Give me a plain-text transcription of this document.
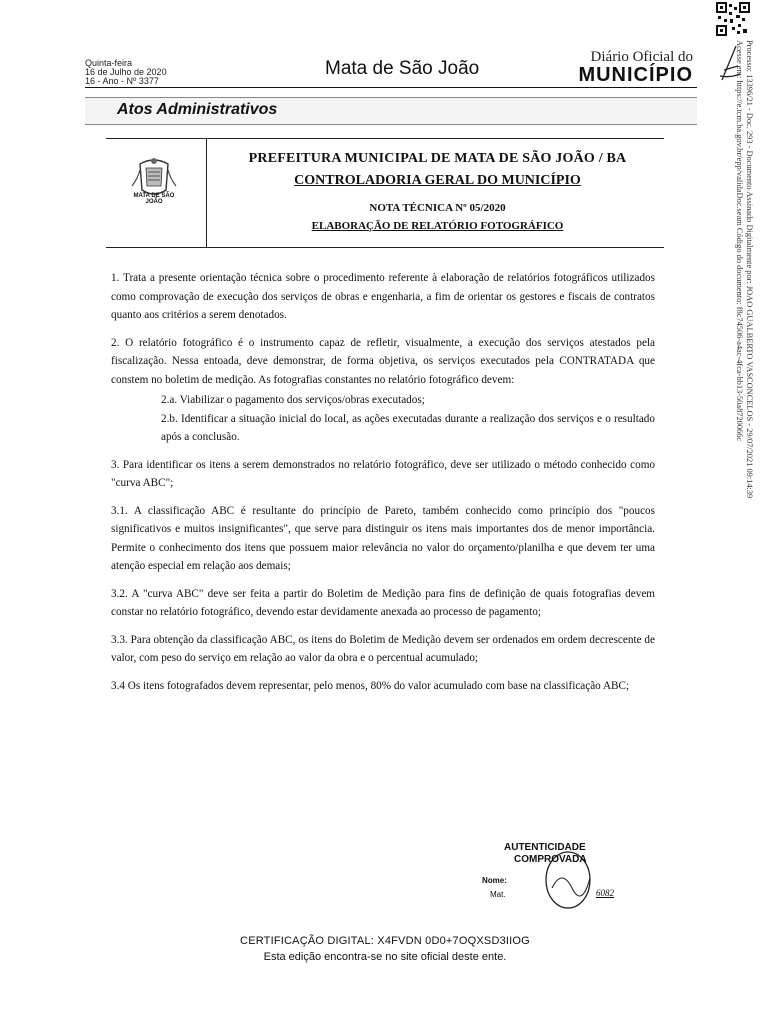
Processo: 13396/21 - Doc. 293 - Documento Assinado Digitalmente por: JOAO GUALBERTO VASCONCELOS - 29/07/2021 09:14:39
Acesse em: https://e.tcm.ba.gov.br/epp/validaDoc.seam Código do documento: f8c74506-a4ac-4fca-bb13-50a8720066c
Quinta-feira
16 de Julho de 2020
16 - Ano - Nº 3377
Mata de São João
Diário Oficial do
MUNICÍPIO
Atos Administrativos
MATA DE SÃO JOÃO
PREFEITURA MUNICIPAL DE MATA DE SÃO JOÃO / BA
CONTROLADORIA GERAL DO MUNICÍPIO
NOTA TÉCNICA Nº 05/2020
ELABORAÇÃO DE RELATÓRIO FOTOGRÁFICO

1. Trata a presente orientação técnica sobre o procedimento referente à elaboração de relatórios fotográficos utilizados como comprovação de execução dos serviços de obras e engenharia, a fim de orientar os gestores e fiscais de contratos quanto aos critérios a serem denotados.

2. O relatório fotográfico é o instrumento capaz de refletir, visualmente, a execução dos serviços atestados pela fiscalização. Nessa entoada, deve demonstrar, de forma objetiva, os serviços executados pela CONTRATADA que constem no boletim de medição. As fotografias constantes no relatório fotográfico devem:

2.a. Viabilizar o pagamento dos serviços/obras executados;

2.b. Identificar a situação inicial do local, as ações executadas durante a realização dos serviços e o resultado após a conclusão.

3. Para identificar os itens a serem demonstrados no relatório fotográfico, deve ser utilizado o método conhecido como "curva ABC";

3.1. A classificação ABC é resultante do princípio de Pareto, também conhecido como princípio dos "poucos significativos e muitos insignificantes", que serve para distinguir os itens mais importantes dos de menor importância. Permite o conhecimento dos itens que possuem maior relevância no valor do orçamento/planilha e que devem ter uma atenção especial em relação aos demais;

3.2. A "curva ABC" deve ser feita a partir do Boletim de Medição para fins de definição de quais fotografias devem constar no relatório fotográfico, devendo estar devidamente anexada ao processo de pagamento;

3.3. Para obtenção da classificação ABC, os itens do Boletim de Medição devem ser ordenados em ordem decrescente de valor, com peso do serviço em relação ao valor da obra e o percentual acumulado;

3.4 Os itens fotografados devem representar, pelo menos, 80% do valor acumulado com base na classificação ABC;

AUTENTICIDADE
COMPROVADA
Nome:
Mat.	6082
CERTIFICAÇÃO DIGITAL: X4FVDN 0D0+7OQXSD3IIOG
Esta edição encontra-se no site oficial deste ente.
